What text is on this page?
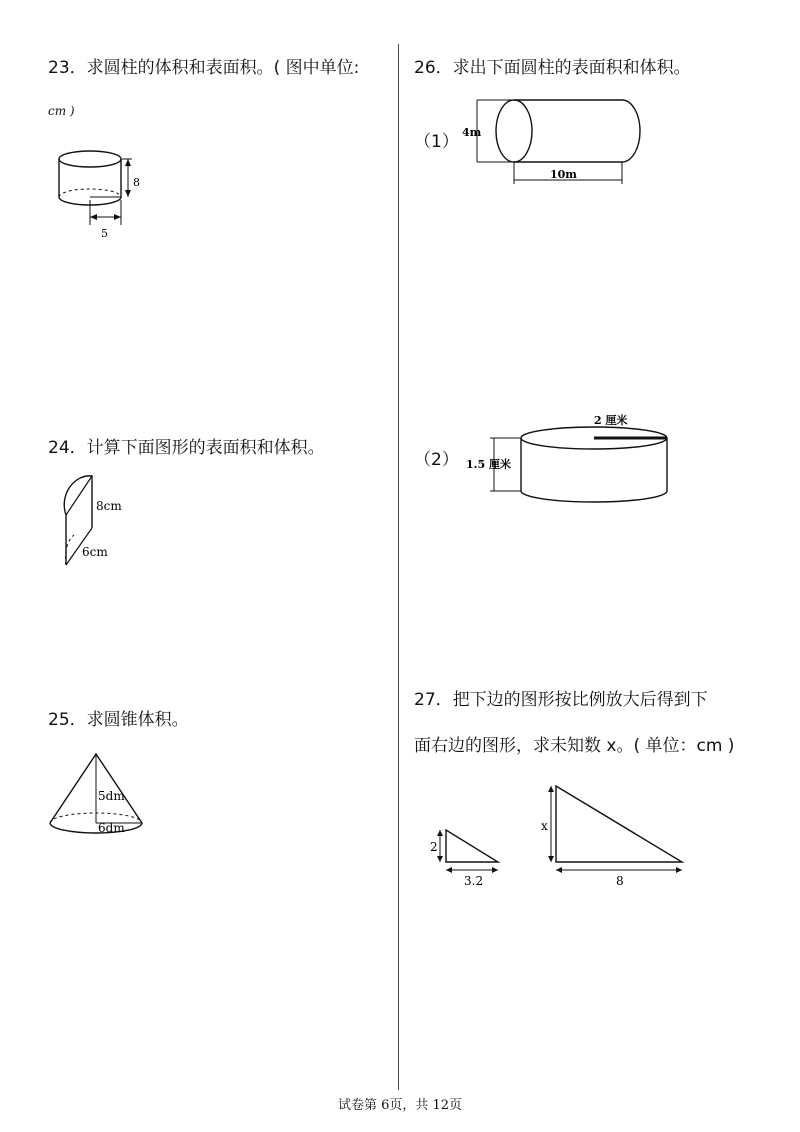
23．求圆柱的体积和表面积。( 图中单位:
cm )
8
5
24．计算下面图形的表面积和体积。
8cm
6cm
25．求圆锥体积。
5dm
6dm
26．求出下面圆柱的表面积和体积。
（1） 4m
10m
（2）
2 厘米
1.5 厘米
27．把下边的图形按比例放大后得到下
面右边的图形，求未知数 x。( 单位：cm )
2
3.2
x
8
试卷第 6页，共 12页
